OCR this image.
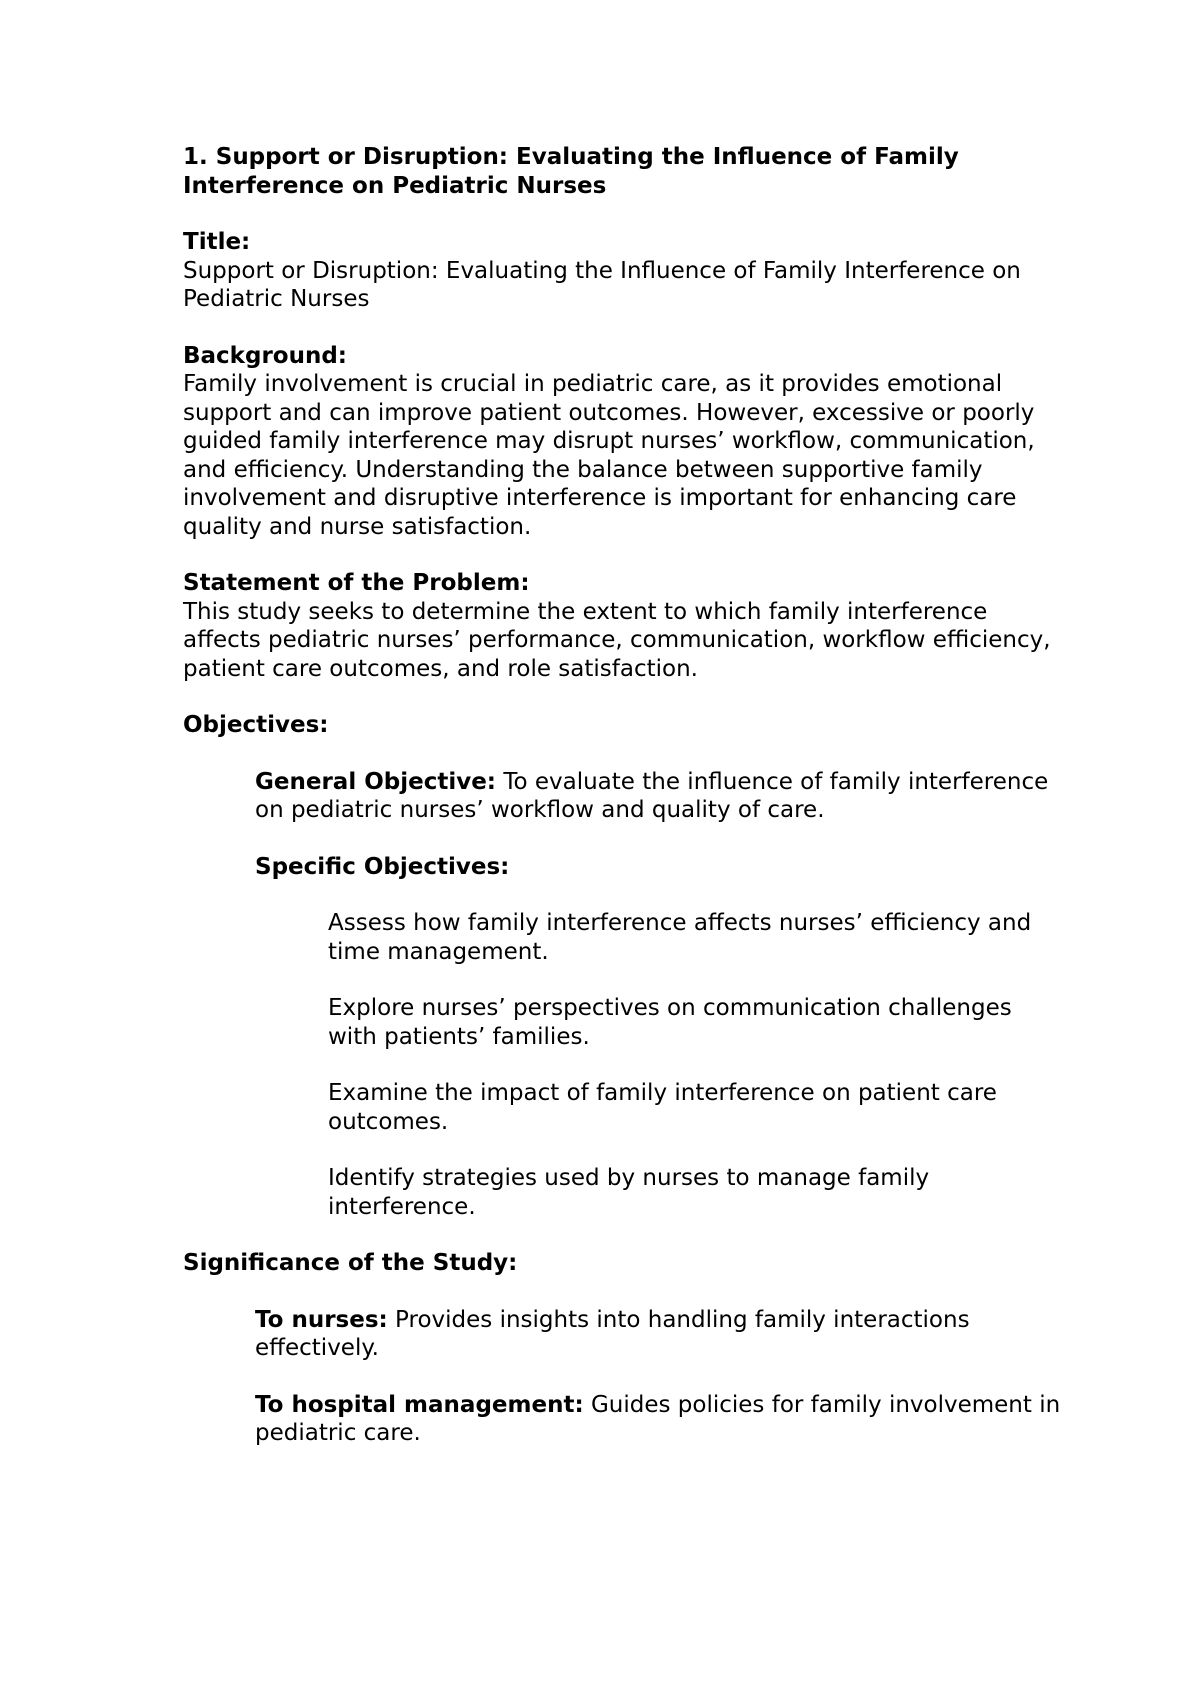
1. Support or Disruption: Evaluating the Influence of Family Interference on Pediatric Nurses

Title:

Support or Disruption: Evaluating the Influence of Family Interference on Pediatric Nurses

Background:

Family involvement is crucial in pediatric care, as it provides emotional support and can improve patient outcomes. However, excessive or poorly guided family interference may disrupt nurses’ workflow, communication, and efficiency. Understanding the balance between supportive family involvement and disruptive interference is important for enhancing care quality and nurse satisfaction.

Statement of the Problem:

This study seeks to determine the extent to which family interference affects pediatric nurses’ performance, communication, workflow efficiency, patient care outcomes, and role satisfaction.

Objectives:

General Objective: To evaluate the influence of family interference on pediatric nurses’ workflow and quality of care.

Specific Objectives:

Assess how family interference affects nurses’ efficiency and time management.

Explore nurses’ perspectives on communication challenges with patients’ families.

Examine the impact of family interference on patient care outcomes.

Identify strategies used by nurses to manage family interference.

Significance of the Study:

To nurses: Provides insights into handling family interactions effectively.

To hospital management: Guides policies for family involvement in pediatric care.
